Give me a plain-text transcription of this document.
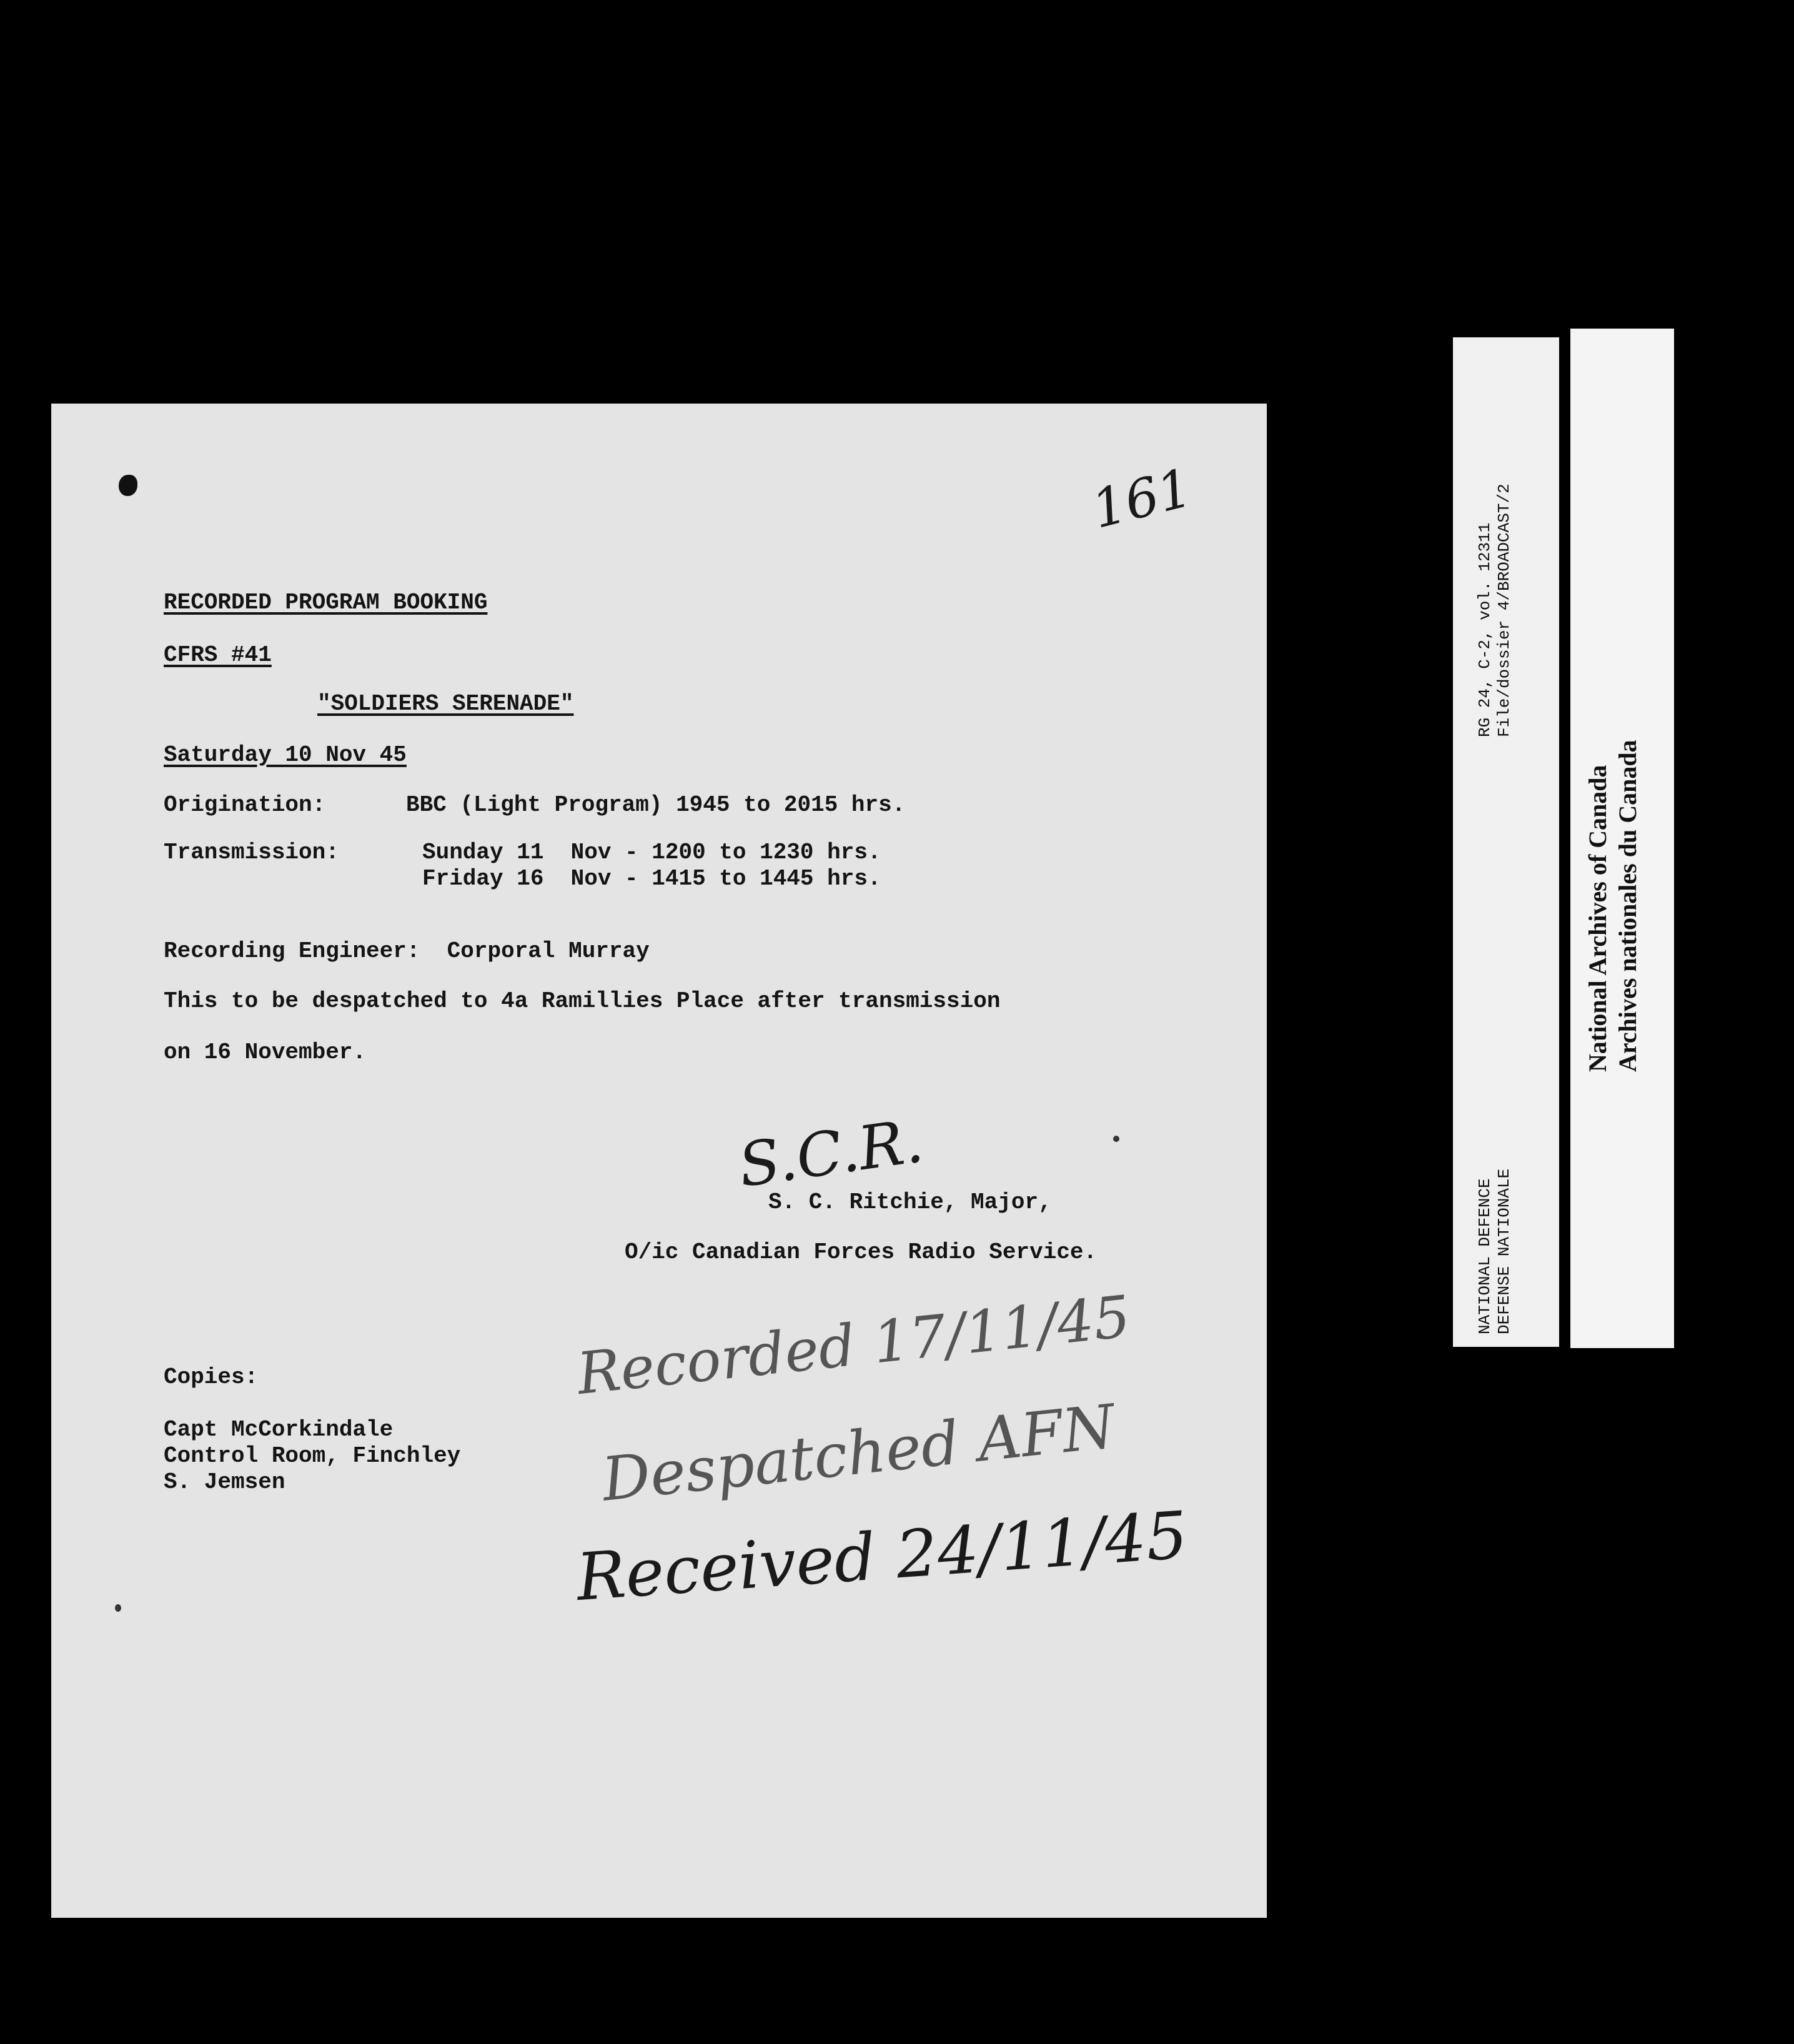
161
RECORDED PROGRAM BOOKING
CFRS #41
"SOLDIERS SERENADE"
Saturday 10 Nov 45
Origination:	BBC (Light Program) 1945 to 2015 hrs.
Transmission:	Sunday 11  Nov - 1200 to 1230 hrs.
Friday 16  Nov - 1415 to 1445 hrs.
Recording Engineer:  Corporal Murray
This to be despatched to 4a Ramillies Place after transmission
on 16 November.
S.C.R.
S. C. Ritchie, Major,
O/ic Canadian Forces Radio Service.
Copies:
Capt McCorkindale
Control Room, Finchley
S. Jemsen
Recorded 17/11/45
Despatched AFN
Received 24/11/45
RG 24, C-2, vol. 12311 File/dossier 4/BROADCAST/2
NATIONAL DEFENCE DEFENSE NATIONALE
National Archives of Canada Archives nationales du Canada
